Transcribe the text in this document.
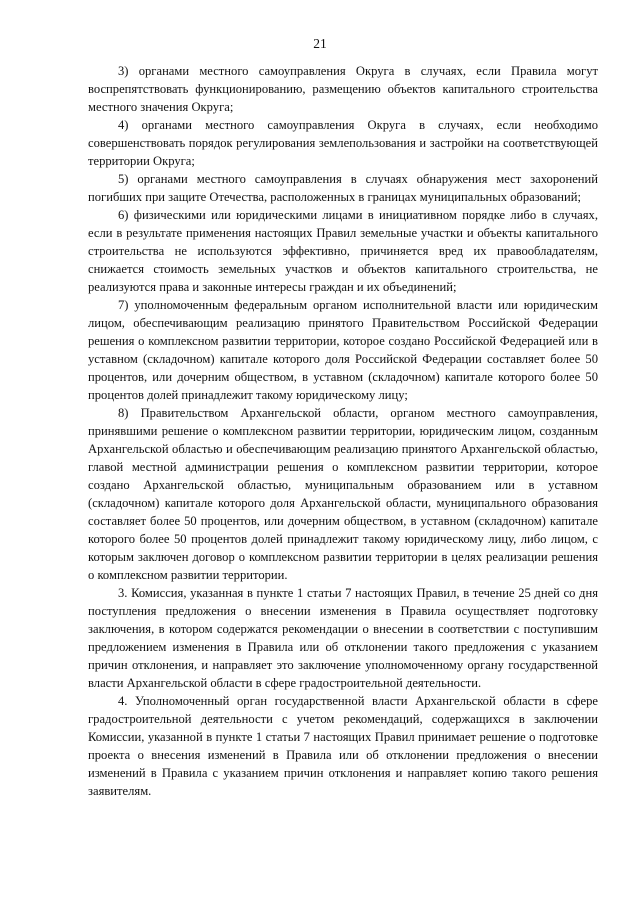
21

3) органами местного самоуправления Округа в случаях, если Правила могут воспрепятствовать функционированию, размещению объектов капитального строительства местного значения Округа;

4) органами местного самоуправления Округа в случаях, если необходимо совершенствовать порядок регулирования землепользования и застройки на соответствующей территории Округа;

5) органами местного самоуправления в случаях обнаружения мест захоронений погибших при защите Отечества, расположенных в границах муниципальных образований;

6) физическими или юридическими лицами в инициативном порядке либо в случаях, если в результате применения настоящих Правил земельные участки и объекты капитального строительства не используются эффективно, причиняется вред их правообладателям, снижается стоимость земельных участков и объектов капитального строительства, не реализуются права и законные интересы граждан и их объединений;

7) уполномоченным федеральным органом исполнительной власти или юридическим лицом, обеспечивающим реализацию принятого Правительством Российской Федерации решения о комплексном развитии территории, которое создано Российской Федерацией или в уставном (складочном) капитале которого доля Российской Федерации составляет более 50 процентов, или дочерним обществом, в уставном (складочном) капитале которого более 50 процентов долей принадлежит такому юридическому лицу;

8) Правительством Архангельской области, органом местного самоуправления, принявшими решение о комплексном развитии территории, юридическим лицом, созданным Архангельской областью и обеспечивающим реализацию принятого Архангельской областью, главой местной администрации решения о комплексном развитии территории, которое создано Архангельской областью, муниципальным образованием или в уставном (складочном) капитале которого доля Архангельской области, муниципального образования составляет более 50 процентов, или дочерним обществом, в уставном (складочном) капитале которого более 50 процентов долей принадлежит такому юридическому лицу, либо лицом, с которым заключен договор о комплексном развитии территории в целях реализации решения о комплексном развитии территории.

3. Комиссия, указанная в пункте 1 статьи 7 настоящих Правил, в течение 25 дней со дня поступления предложения о внесении изменения в Правила осуществляет подготовку заключения, в котором содержатся рекомендации о внесении в соответствии с поступившим предложением изменения в Правила или об отклонении такого предложения с указанием причин отклонения, и направляет это заключение уполномоченному органу государственной власти Архангельской области в сфере градостроительной деятельности.

4. Уполномоченный орган государственной власти Архангельской области в сфере градостроительной деятельности с учетом рекомендаций, содержащихся в заключении Комиссии, указанной в пункте 1 статьи 7 настоящих Правил принимает решение о подготовке проекта о внесения изменений в Правила или об отклонении предложения о внесении изменений в Правила с указанием причин отклонения и направляет копию такого решения заявителям.
